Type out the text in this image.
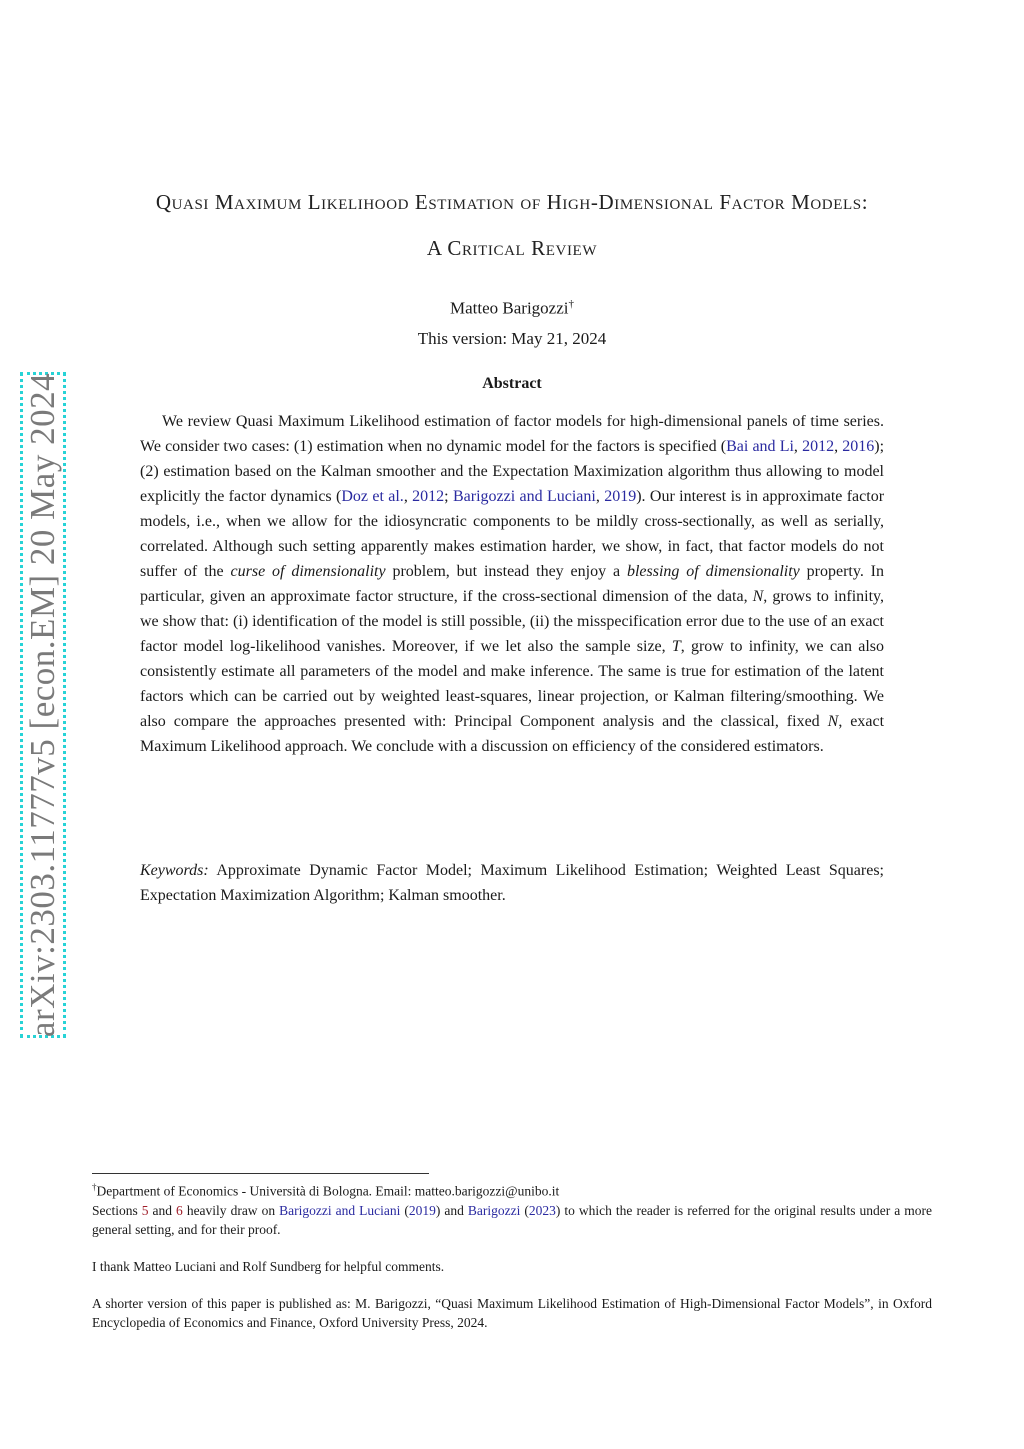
arXiv:2303.11777v5 [econ.EM] 20 May 2024
Quasi Maximum Likelihood Estimation of High-Dimensional Factor Models:
A Critical Review
Matteo Barigozzi†
This version: May 21, 2024
Abstract

We review Quasi Maximum Likelihood estimation of factor models for high-dimensional panels of time series. We consider two cases: (1) estimation when no dynamic model for the factors is specified (Bai and Li, 2012, 2016); (2) estimation based on the Kalman smoother and the Expectation Maximization algorithm thus allowing to model explicitly the factor dynamics (Doz et al., 2012; Barigozzi and Luciani, 2019). Our interest is in approximate factor models, i.e., when we allow for the idiosyncratic components to be mildly cross-sectionally, as well as serially, correlated. Although such setting apparently makes estimation harder, we show, in fact, that factor models do not suffer of the curse of dimensionality problem, but instead they enjoy a blessing of dimensionality property. In particular, given an approximate factor structure, if the cross-sectional dimension of the data, N, grows to infinity, we show that: (i) identification of the model is still possible, (ii) the misspecification error due to the use of an exact factor model log-likelihood vanishes. Moreover, if we let also the sample size, T, grow to infinity, we can also consistently estimate all parameters of the model and make inference. The same is true for estimation of the latent factors which can be carried out by weighted least-squares, linear projection, or Kalman filtering/smoothing. We also compare the approaches presented with: Principal Component analysis and the classical, fixed N, exact Maximum Likelihood approach. We conclude with a discussion on efficiency of the considered estimators.

Keywords: Approximate Dynamic Factor Model; Maximum Likelihood Estimation; Weighted Least Squares; Expectation Maximization Algorithm; Kalman smoother.

†Department of Economics - Università di Bologna. Email: matteo.barigozzi@unibo.it

Sections 5 and 6 heavily draw on Barigozzi and Luciani (2019) and Barigozzi (2023) to which the reader is referred for the original results under a more general setting, and for their proof.

I thank Matteo Luciani and Rolf Sundberg for helpful comments.

A shorter version of this paper is published as: M. Barigozzi, “Quasi Maximum Likelihood Estimation of High-Dimensional Factor Models”, in Oxford Encyclopedia of Economics and Finance, Oxford University Press, 2024.
